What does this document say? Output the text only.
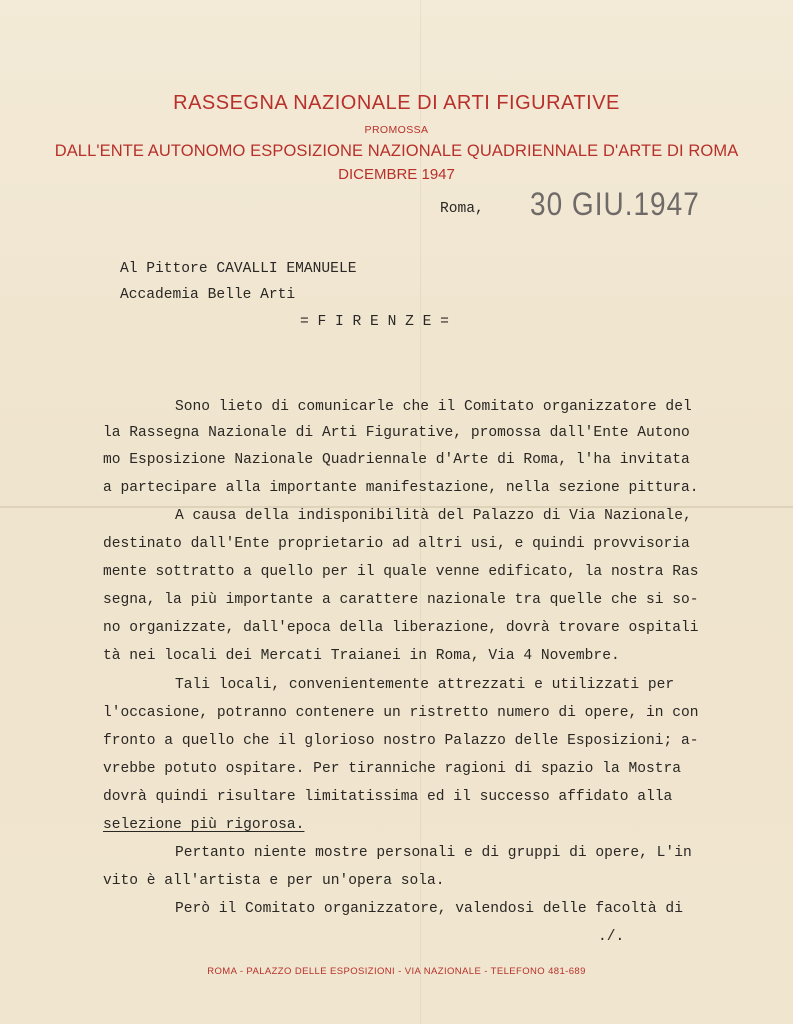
RASSEGNA NAZIONALE DI ARTI FIGURATIVE
PROMOSSA
DALL'ENTE AUTONOMO ESPOSIZIONE NAZIONALE QUADRIENNALE D'ARTE DI ROMA
DICEMBRE 1947
Roma, 30 GIU.1947
Al Pittore CAVALLI EMANUELE
Accademia Belle Arti
= F I R E N Z E =
Sono lieto di comunicarle che il Comitato organizzatore del
la Rassegna Nazionale di Arti Figurative, promossa dall'Ente Autono
mo Esposizione Nazionale Quadriennale d'Arte di Roma, l'ha invitata
a partecipare alla importante manifestazione, nella sezione pittura.
A causa della indisponibilità del Palazzo di Via Nazionale,
destinato dall'Ente proprietario ad altri usi, e quindi provvisoria
mente sottratto a quello per il quale venne edificato, la nostra Ras
segna, la più importante a carattere nazionale tra quelle che si so-
no organizzate, dall'epoca della liberazione, dovrà trovare ospitali
tà nei locali dei Mercati Traianei in Roma, Via 4 Novembre.
Tali locali, convenientemente attrezzati e utilizzati per
l'occasione, potranno contenere un ristretto numero di opere, in con
fronto a quello che il glorioso nostro Palazzo delle Esposizioni; a-
vrebbe potuto ospitare. Per tiranniche ragioni di spazio la Mostra
dovrà quindi risultare limitatissima ed il successo affidato alla
selezione più rigorosa.
Pertanto niente mostre personali e di gruppi di opere, L'in
vito è all'artista e per un'opera sola.
Però il Comitato organizzatore, valendosi delle facoltà di
./.
ROMA - PALAZZO DELLE ESPOSIZIONI - VIA NAZIONALE - TELEFONO 481-689
